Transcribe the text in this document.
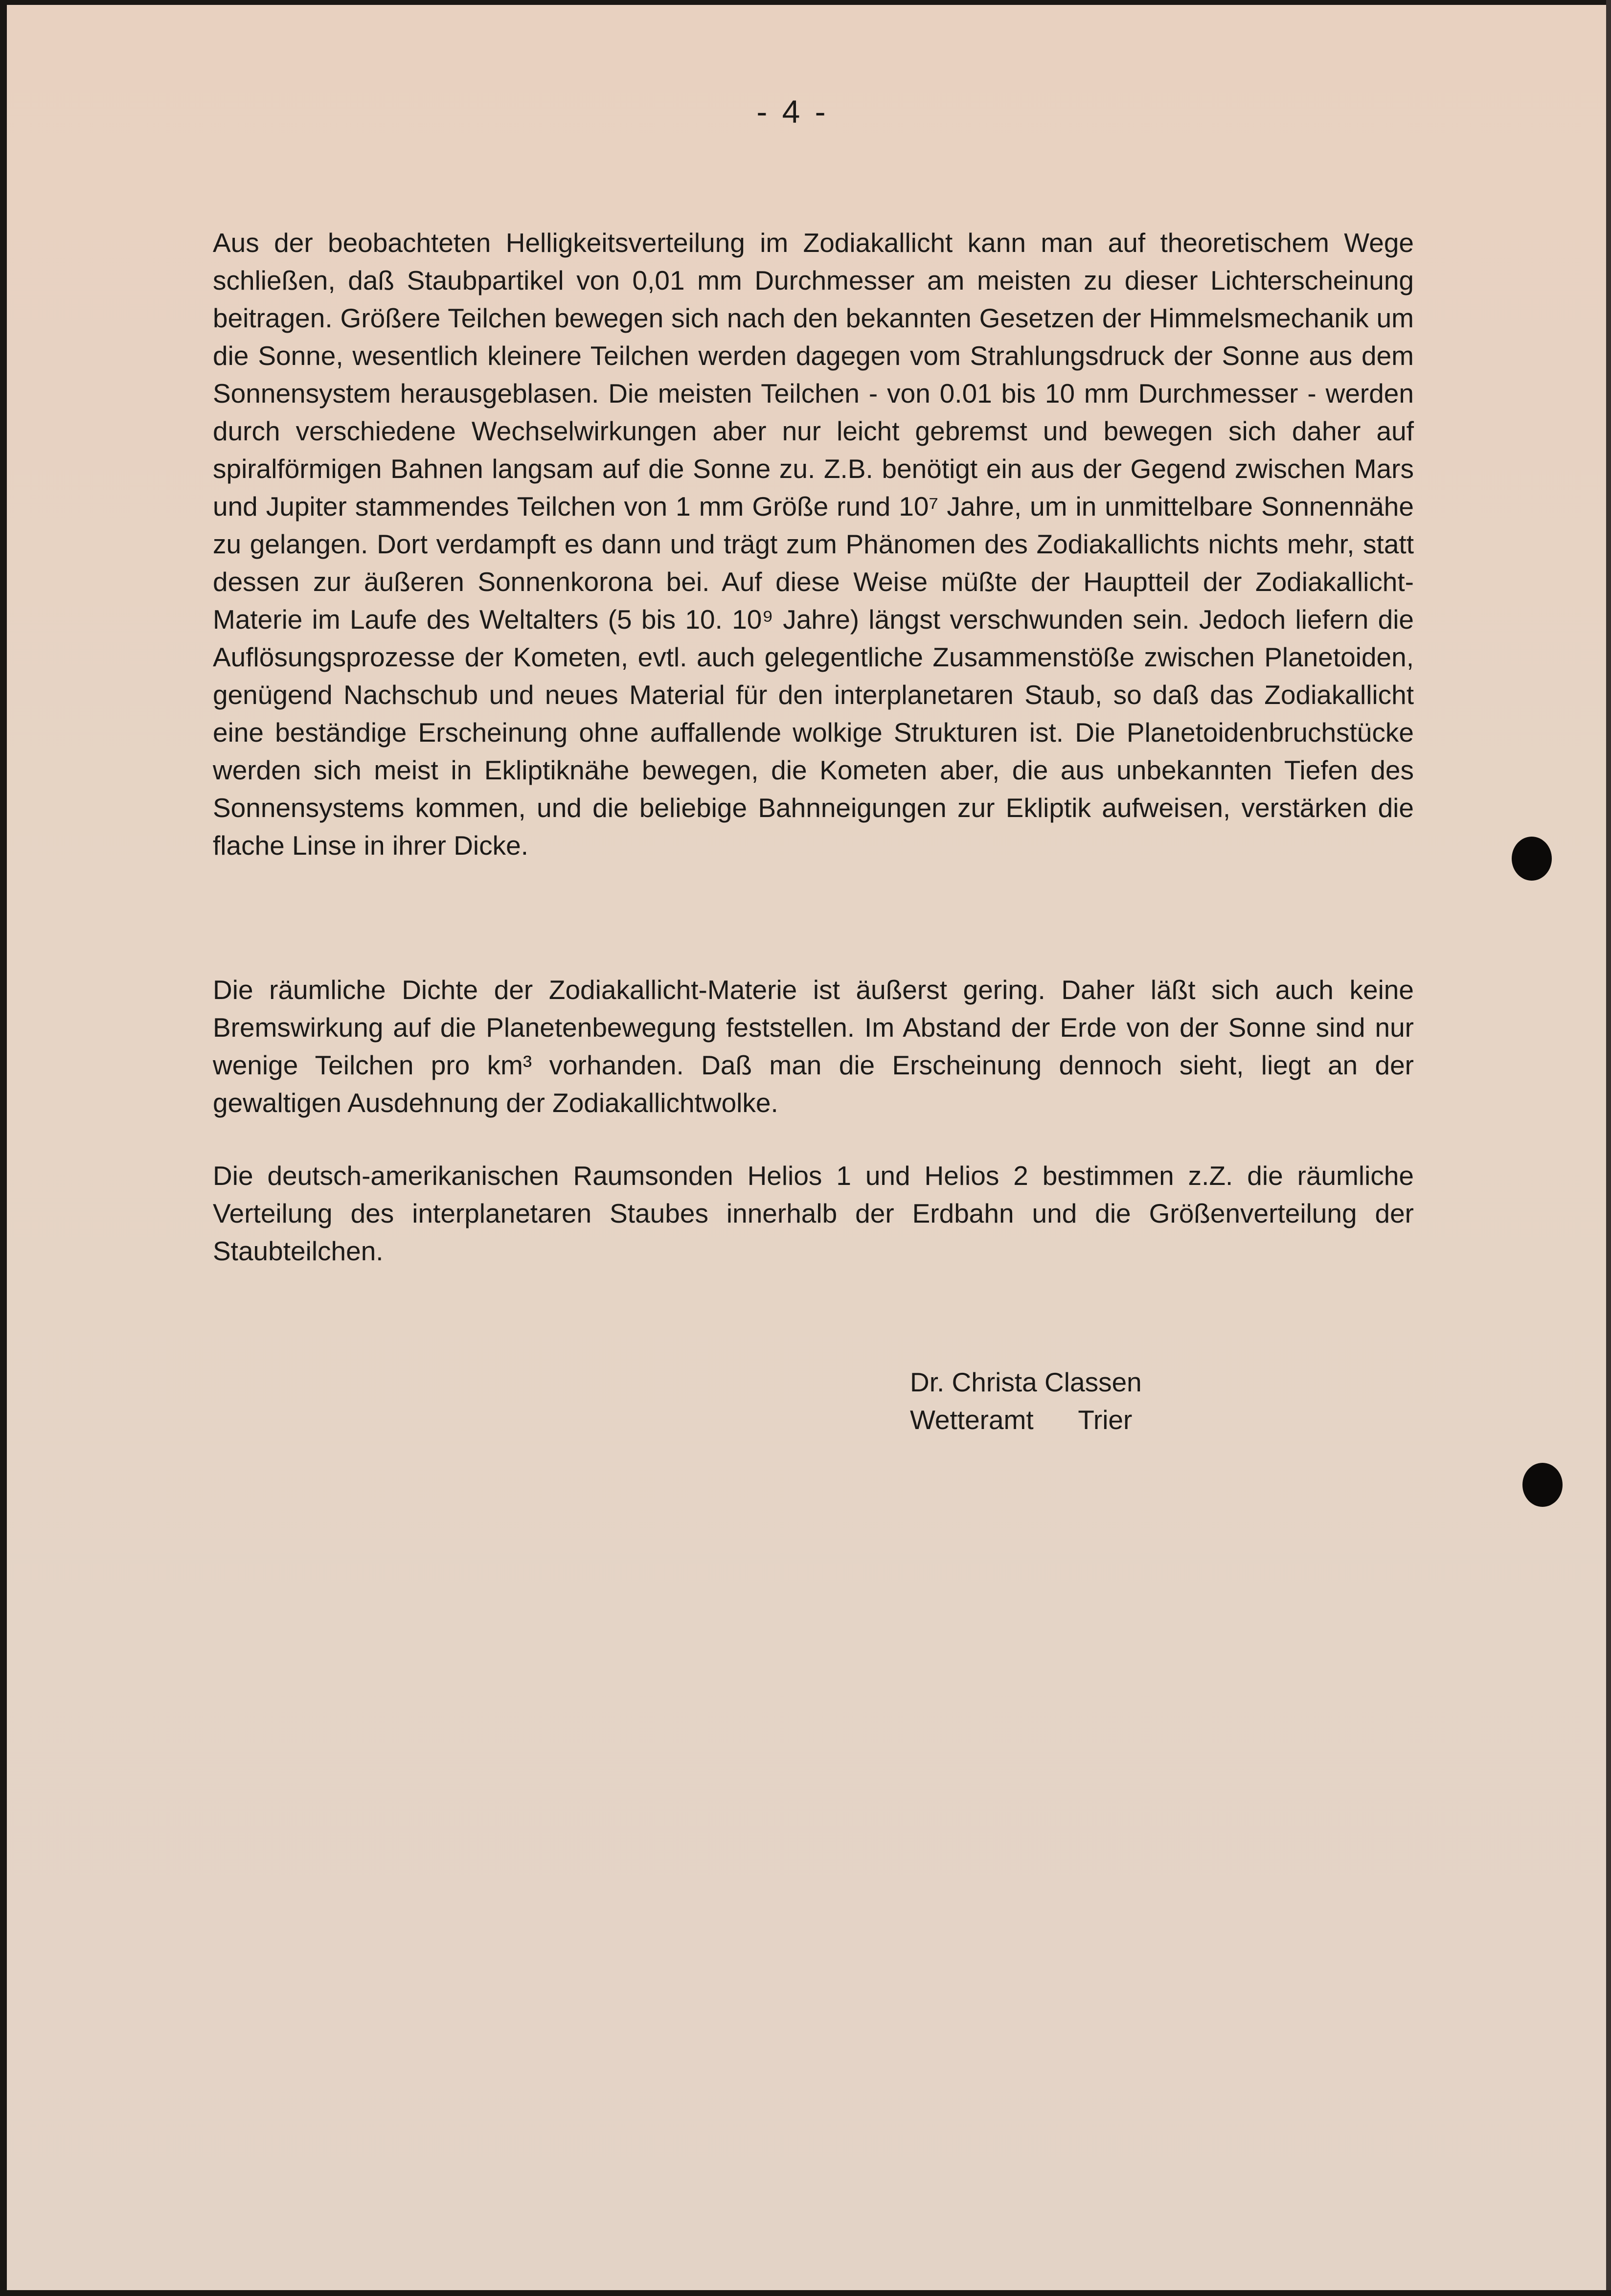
- 4 -

Aus der beobachteten Helligkeitsverteilung im Zodiakallicht kann man auf theoretischem Wege schließen, daß Staubpartikel von 0,01 mm Durchmesser am meisten zu dieser Lichterscheinung beitragen. Größere Teilchen bewegen sich nach den bekannten Gesetzen der Himmelsmechanik um die Sonne, wesentlich kleinere Teilchen werden dagegen vom Strahlungsdruck der Sonne aus dem Sonnensystem herausgeblasen. Die meisten Teilchen - von 0.01 bis 10 mm Durchmesser - werden durch verschiedene Wechselwirkungen aber nur leicht gebremst und bewegen sich daher auf spiralförmigen Bahnen langsam auf die Sonne zu. Z.B. benötigt ein aus der Gegend zwischen Mars und Jupiter stammendes Teilchen von 1 mm Größe rund 10⁷ Jahre, um in unmittelbare Sonnennähe zu gelangen. Dort verdampft es dann und trägt zum Phänomen des Zodiakallichts nichts mehr, statt dessen zur äußeren Sonnenkorona bei. Auf diese Weise müßte der Hauptteil der Zodiakallicht-Materie im Laufe des Weltalters (5 bis 10. 10⁹ Jahre) längst verschwunden sein. Jedoch liefern die Auflösungsprozesse der Kometen, evtl. auch gelegentliche Zusammenstöße zwischen Planetoiden, genügend Nachschub und neues Material für den interplanetaren Staub, so daß das Zodiakallicht eine beständige Erscheinung ohne auffallende wolkige Strukturen ist. Die Planetoidenbruchstücke werden sich meist in Ekliptiknähe bewegen, die Kometen aber, die aus unbekannten Tiefen des Sonnensystems kommen, und die beliebige Bahnneigungen zur Ekliptik aufweisen, verstärken die flache Linse in ihrer Dicke.

Die räumliche Dichte der Zodiakallicht-Materie ist äußerst gering. Daher läßt sich auch keine Bremswirkung auf die Planetenbewegung feststellen. Im Abstand der Erde von der Sonne sind nur wenige Teilchen pro km³ vorhanden. Daß man die Erscheinung dennoch sieht, liegt an der gewaltigen Ausdehnung der Zodiakallichtwolke.

Die deutsch-amerikanischen Raumsonden Helios 1 und Helios 2 bestimmen z.Z. die räumliche Verteilung des interplanetaren Staubes innerhalb der Erdbahn und die Größenverteilung der Staubteilchen.

Dr. Christa Classen
Wetteramt      Trier
